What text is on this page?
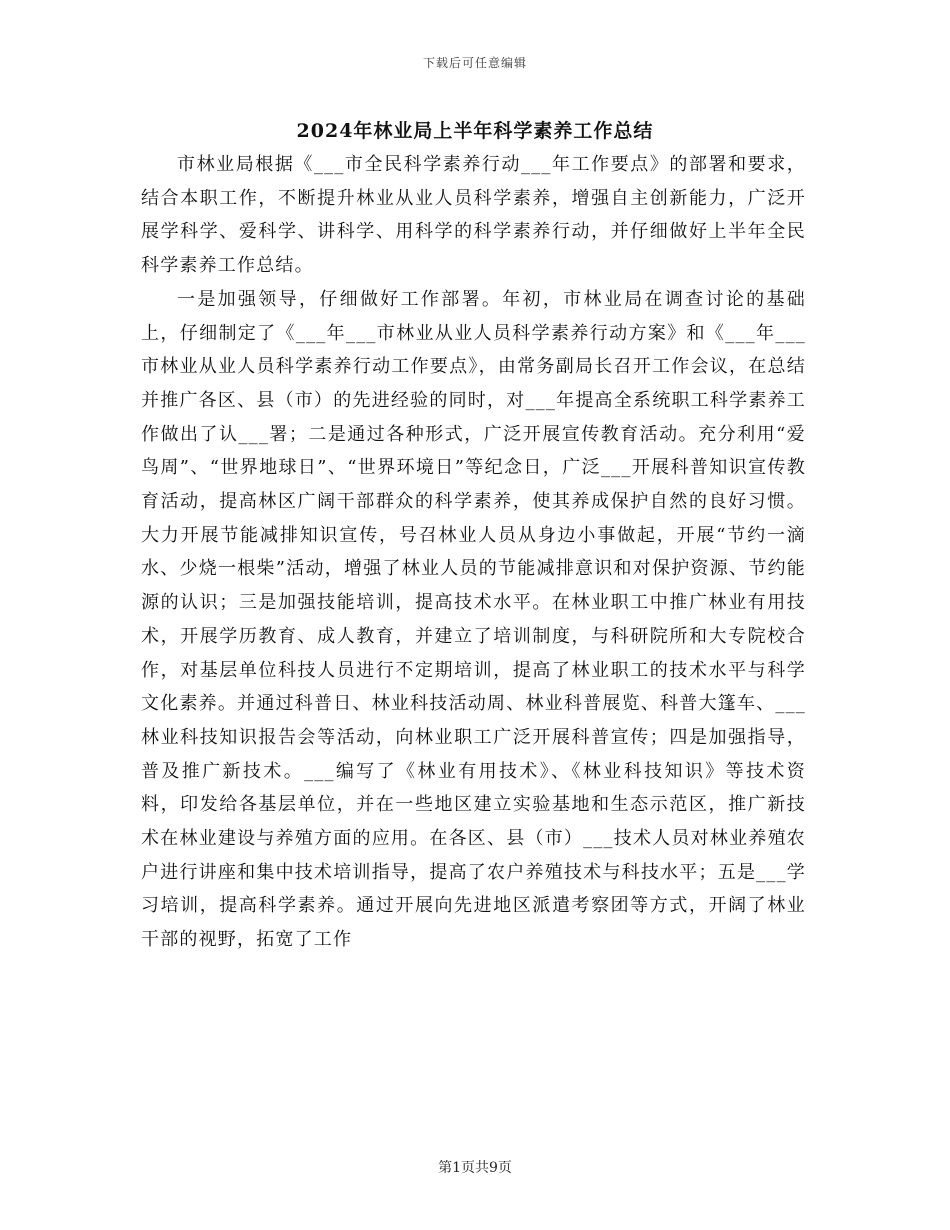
下载后可任意编辑
2024年林业局上半年科学素养工作总结

市林业局根据《___市全民科学素养行动___年工作要点》的部署和要求，结合本职工作，不断提升林业从业人员科学素养，增强自主创新能力，广泛开展学科学、爱科学、讲科学、用科学的科学素养行动，并仔细做好上半年全民科学素养工作总结。

一是加强领导，仔细做好工作部署。年初，市林业局在调查讨论的基础上，仔细制定了《___年___市林业从业人员科学素养行动方案》和《___年___市林业从业人员科学素养行动工作要点》，由常务副局长召开工作会议，在总结并推广各区、县（市）的先进经验的同时，对___年提高全系统职工科学素养工作做出了认___署；二是通过各种形式，广泛开展宣传教育活动。充分利用“爱鸟周”、“世界地球日”、“世界环境日”等纪念日，广泛___开展科普知识宣传教育活动，提高林区广阔干部群众的科学素养，使其养成保护自然的良好习惯。大力开展节能减排知识宣传，号召林业人员从身边小事做起，开展“节约一滴水、少烧一根柴”活动，增强了林业人员的节能减排意识和对保护资源、节约能源的认识；三是加强技能培训，提高技术水平。在林业职工中推广林业有用技术，开展学历教育、成人教育，并建立了培训制度，与科研院所和大专院校合作，对基层单位科技人员进行不定期培训，提高了林业职工的技术水平与科学文化素养。并通过科普日、林业科技活动周、林业科普展览、科普大篷车、___林业科技知识报告会等活动，向林业职工广泛开展科普宣传；四是加强指导，普及推广新技术。___编写了《林业有用技术》、《林业科技知识》等技术资料，印发给各基层单位，并在一些地区建立实验基地和生态示范区，推广新技术在林业建设与养殖方面的应用。在各区、县（市）___技术人员对林业养殖农户进行讲座和集中技术培训指导，提高了农户养殖技术与科技水平；五是___学习培训，提高科学素养。通过开展向先进地区派遣考察团等方式，开阔了林业干部的视野，拓宽了工作

第1页共9页
